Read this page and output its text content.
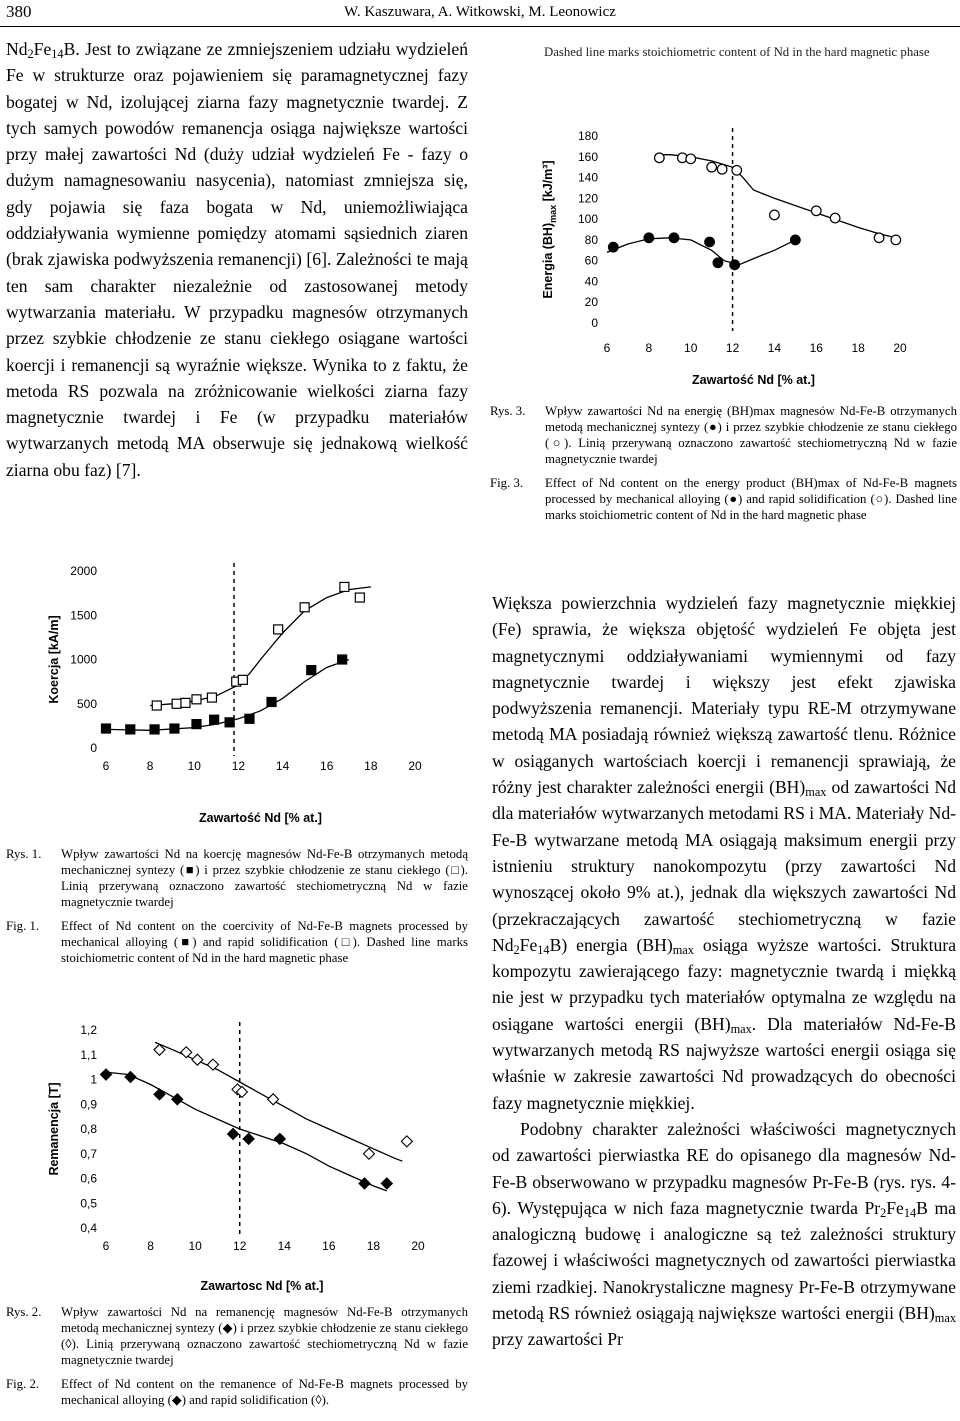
380	W. Kaszuwara, A. Witkowski, M. Leonowicz

$Nd_2Fe_{14}B$. Jest to związane ze zmniejszeniem udziału wydzieleń Fe w strukturze oraz pojawieniem się paramagnetycznej fazy bogatej w Nd, izolującej ziarna fazy magnetycznie twardej. Z tych samych powodów remanencja osiąga największe wartości przy małej zawartości Nd (duży udział wydzieleń Fe - fazy o dużym namagnesowaniu nasycenia), natomiast zmniejsza się, gdy pojawia się faza bogata w Nd, uniemożliwiająca oddziaływania wymienne pomiędzy atomami sąsiednich ziaren (brak zjawiska podwyższenia remanencji) [6]. Zależności te mają ten sam charakter niezależnie od zastosowanej metody wytwarzania materiału. W przypadku magnesów otrzymanych przez szybkie chłodzenie ze stanu ciekłego osiągane wartości koercji i remanencji są wyraźnie większe. Wynika to z faktu, że metoda RS pozwala na zróżnicowanie wielkości ziarna fazy magnetycznie twardej i Fe (w przypadku materiałów wytwarzanych metodą MA obserwuje się jednakową wielkość ziarna obu faz) [7].

Dashed line marks stoichiometric content of Nd in the hard magnetic phase
0
20
40
60
80
100
120
140
160
180
6	8	10 12 14 16 18 20
Zawartość Nd [% at.]
Energia $(BH)_{max}$ [kJ/m³]
Rys. 3.	Wpływ zawartości Nd na energię (BH)max magnesów Nd-Fe-B otrzymanych metodą mechanicznej syntezy (●) i przez szybkie chłodzenie ze stanu ciekłego (○). Linią przerywaną oznaczono zawartość stechiometryczną Nd w fazie magnetycznie twardej
Fig. 3.	Effect of Nd content on the energy product (BH)max of Nd-Fe-B magnets processed by mechanical alloying (●) and rapid solidification (○). Dashed line marks stoichiometric content of Nd in the hard magnetic phase

Większa powierzchnia wydzieleń fazy magnetycznie miękkiej (Fe) sprawia, że większa objętość wydzieleń Fe objęta jest magnetycznymi oddziaływaniami wymiennymi od fazy magnetycznie twardej i większy jest efekt zjawiska podwyższenia remanencji. Materiały typu RE-M otrzymywane metodą MA posiadają również większą zawartość tlenu. Różnice w osiąganych wartościach koercji i remanencji sprawiają, że różny jest charakter zależności energii $(BH)_{max}$ od zawartości Nd dla materiałów wytwarzanych metodami RS i MA. Materiały Nd-Fe-B wytwarzane metodą MA osiągają maksimum energii przy istnieniu struktury nanokompozytu (przy zawartości Nd wynoszącej około 9% at.), jednak dla większych zawartości Nd (przekraczających zawartość stechiometryczną w fazie $Nd_2Fe_{14}B$) energia $(BH)_{max}$ osiąga wyższe wartości. Struktura kompozytu zawierającego fazy: magnetycznie twardą i miękką nie jest w przypadku tych materiałów optymalna ze względu na osiągane wartości energii $(BH)_{max}$. Dla materiałów Nd-Fe-B wytwarzanych metodą RS najwyższe wartości energii osiąga się właśnie w zakresie zawartości Nd prowadzących do obecności fazy magnetycznie miękkiej.

Podobny charakter zależności właściwości magnetycznych od zawartości pierwiastka RE do opisanego dla magnesów Nd-Fe-B obserwowano w przypadku magnesów Pr-Fe-B (rys. rys. 4-6). Występująca w nich faza magnetycznie twarda $Pr_2Fe_{14}B$ ma analogiczną budowę i analogiczne są też zależności struktury fazowej i właściwości magnetycznych od zawartości pierwiastka ziemi rzadkiej. Nanokrystaliczne magnesy Pr-Fe-B otrzymywane metodą RS również osiągają największe wartości energii $(BH)_{max}$ przy zawartości Pr

0
500
1000
1500
2000
6	8	10	12	14	16	18	20
Zawartość Nd [% at.]
Koercja [kA/m]
Rys. 1.	Wpływ zawartości Nd na koercję magnesów Nd-Fe-B otrzymanych metodą mechanicznej syntezy (■) i przez szybkie chłodzenie ze stanu ciekłego (□). Linią przerywaną oznaczono zawartość stechiometryczną Nd w fazie magnetycznie twardej
Fig. 1.	Effect of Nd content on the coercivity of Nd-Fe-B magnets processed by mechanical alloying (■) and rapid solidification (□). Dashed line marks stoichiometric content of Nd in the hard magnetic phase
0,4
0,5
0,6
0,7
0,8
0,9
1
1,1
1,2
6	8	10	12	14	16	18	20
Zawartosc Nd [% at.]
Remanencja [T]
Rys. 2.	Wpływ zawartości Nd na remanencję magnesów Nd-Fe-B otrzymanych metodą mechanicznej syntezy (◆) i przez szybkie chłodzenie ze stanu ciekłego (◊). Linią przerywaną oznaczono zawartość stechiometryczną Nd w fazie magnetycznie twardej
Fig. 2.	Effect of Nd content on the remanence of Nd-Fe-B magnets processed by mechanical alloying (◆) and rapid solidification (◊).
